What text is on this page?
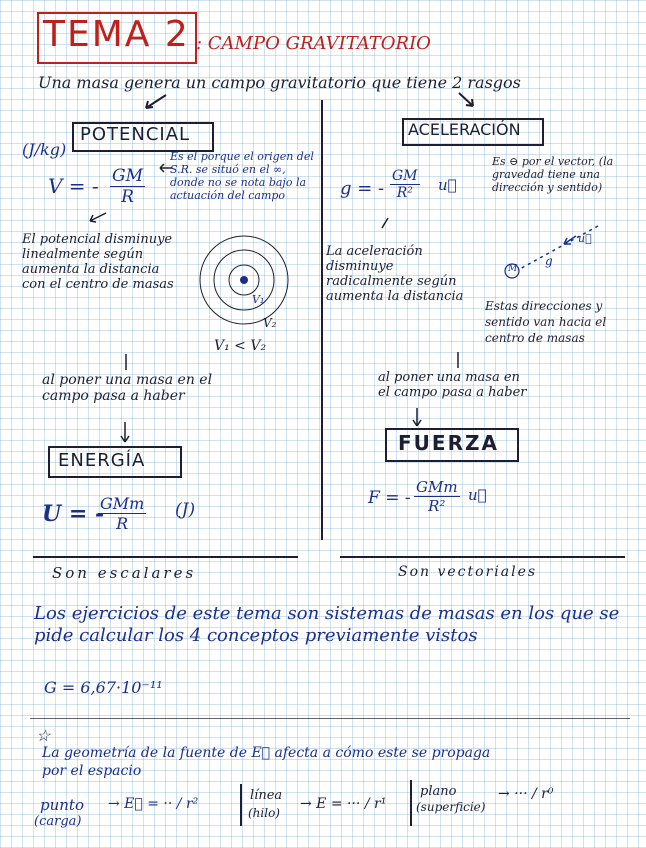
TEMA 2 : CAMPO GRAVITATORIO
Una masa genera un campo gravitatorio que tiene 2 rasgos
POTENCIAL
(J/kg)
V = - $\frac{GM}{R}$
Es el porque el origen del S.R. se situó en el ∞, donde no se nota bajo la actuación del campo
El potencial disminuye linealmente según aumenta la distancia con el centro de masas
V₁
V₂
V₁ < V₂
al poner una masa en el campo pasa a haber
ENERGÍA
U = -
GMm
R
(J)
Son escalares
ACELERACIÓN
g = - $\frac{GM}{\text{R²}}$ u⃗
Es ⊖ por el vector, (la gravedad tiene una dirección y sentido)
La aceleración disminuye radicalmente según aumenta la distancia
u⃗
g
M
Estas direcciones y sentido van hacia el centro de masas
al poner una masa en el campo pasa a haber
FUERZA
F = -
GMm
R²
u⃗
Son vectoriales
Los ejercicios de este tema son sistemas de masas en los que se pide calcular los 4 conceptos previamente vistos
G = 6,67·10⁻¹¹
☆
La geometría de la fuente de E⃗ afecta a cómo este se propaga por el espacio
punto
(carga)
→ E⃗ = ·· / r²
línea
(hilo)
→ E = ··· / r¹
plano
(superficie)
→ ··· / r⁰
